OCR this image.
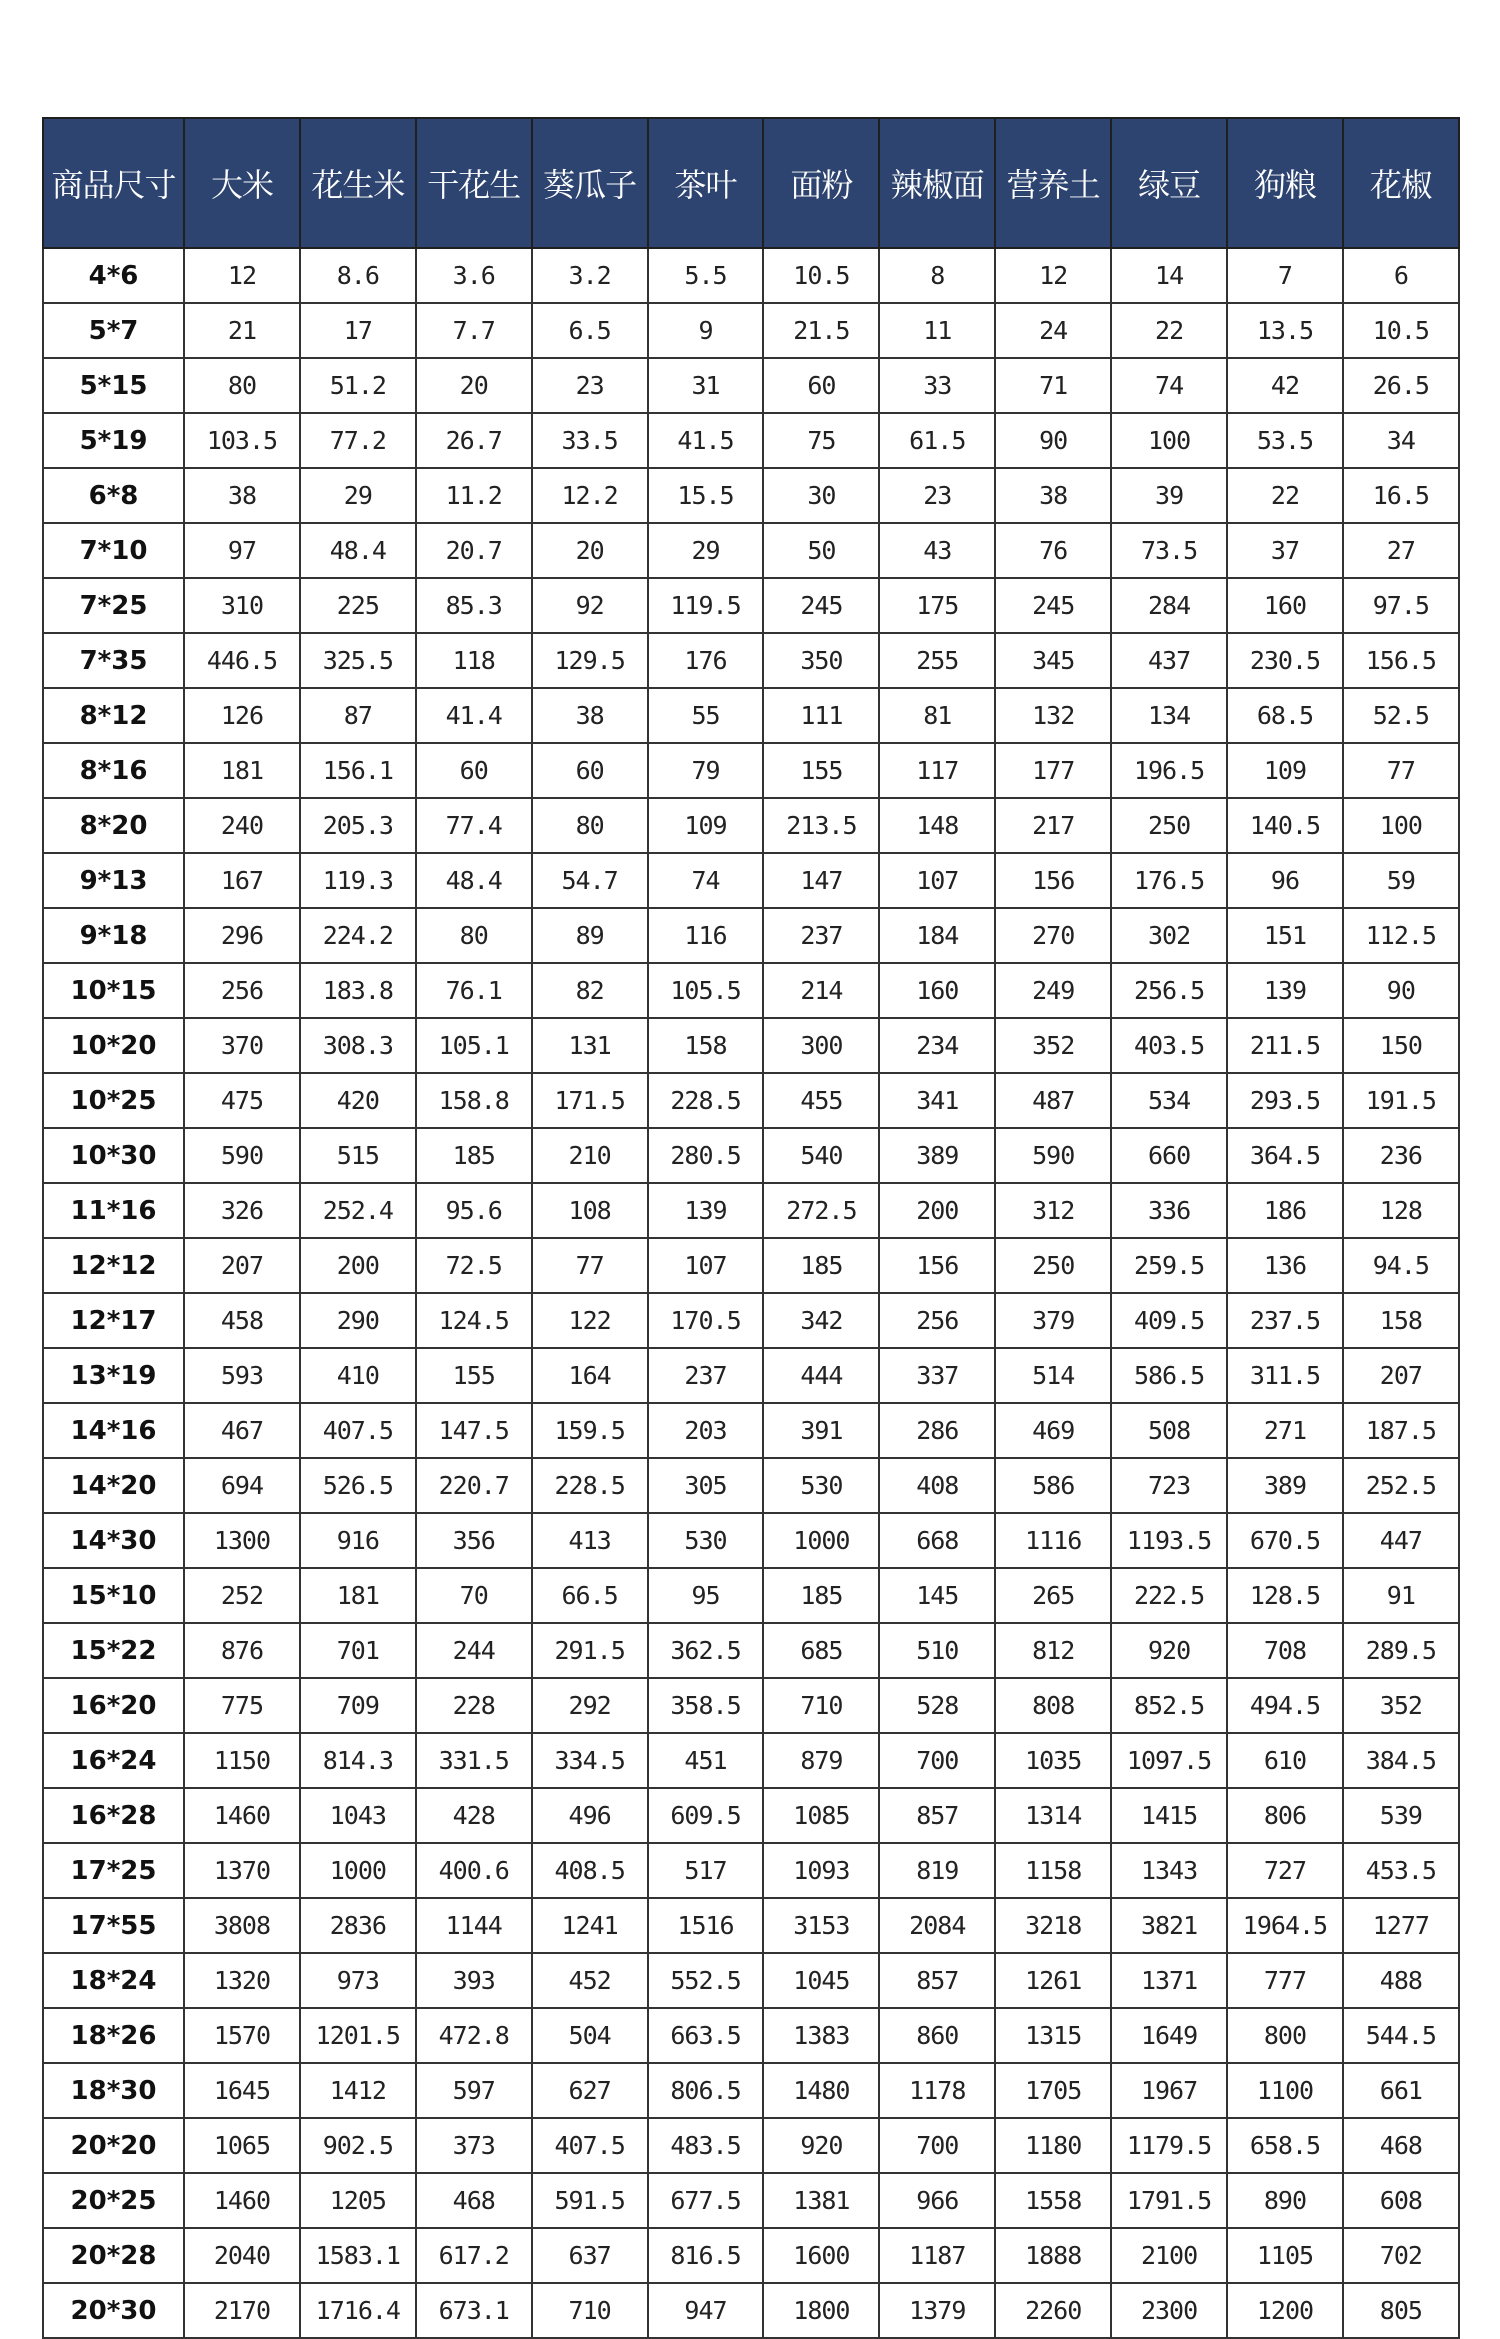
商品尺寸	大米	花生米	干花生	葵瓜子	茶叶	面粉	辣椒面	营养土	绿豆	狗粮	花椒
4*6	12	8.6	3.6	3.2	5.5	10.5	8	12	14	7	6
5*7	21	17	7.7	6.5	9	21.5	11	24	22	13.5	10.5
5*15	80	51.2	20	23	31	60	33	71	74	42	26.5
5*19	103.5	77.2	26.7	33.5	41.5	75	61.5	90	100	53.5	34
6*8	38	29	11.2	12.2	15.5	30	23	38	39	22	16.5
7*10	97	48.4	20.7	20	29	50	43	76	73.5	37	27
7*25	310	225	85.3	92	119.5	245	175	245	284	160	97.5
7*35	446.5	325.5	118	129.5	176	350	255	345	437	230.5	156.5
8*12	126	87	41.4	38	55	111	81	132	134	68.5	52.5
8*16	181	156.1	60	60	79	155	117	177	196.5	109	77
8*20	240	205.3	77.4	80	109	213.5	148	217	250	140.5	100
9*13	167	119.3	48.4	54.7	74	147	107	156	176.5	96	59
9*18	296	224.2	80	89	116	237	184	270	302	151	112.5
10*15	256	183.8	76.1	82	105.5	214	160	249	256.5	139	90
10*20	370	308.3	105.1	131	158	300	234	352	403.5	211.5	150
10*25	475	420	158.8	171.5	228.5	455	341	487	534	293.5	191.5
10*30	590	515	185	210	280.5	540	389	590	660	364.5	236
11*16	326	252.4	95.6	108	139	272.5	200	312	336	186	128
12*12	207	200	72.5	77	107	185	156	250	259.5	136	94.5
12*17	458	290	124.5	122	170.5	342	256	379	409.5	237.5	158
13*19	593	410	155	164	237	444	337	514	586.5	311.5	207
14*16	467	407.5	147.5	159.5	203	391	286	469	508	271	187.5
14*20	694	526.5	220.7	228.5	305	530	408	586	723	389	252.5
14*30	1300	916	356	413	530	1000	668	1116	1193.5	670.5	447
15*10	252	181	70	66.5	95	185	145	265	222.5	128.5	91
15*22	876	701	244	291.5	362.5	685	510	812	920	708	289.5
16*20	775	709	228	292	358.5	710	528	808	852.5	494.5	352
16*24	1150	814.3	331.5	334.5	451	879	700	1035	1097.5	610	384.5
16*28	1460	1043	428	496	609.5	1085	857	1314	1415	806	539
17*25	1370	1000	400.6	408.5	517	1093	819	1158	1343	727	453.5
17*55	3808	2836	1144	1241	1516	3153	2084	3218	3821	1964.5	1277
18*24	1320	973	393	452	552.5	1045	857	1261	1371	777	488
18*26	1570	1201.5	472.8	504	663.5	1383	860	1315	1649	800	544.5
18*30	1645	1412	597	627	806.5	1480	1178	1705	1967	1100	661
20*20	1065	902.5	373	407.5	483.5	920	700	1180	1179.5	658.5	468
20*25	1460	1205	468	591.5	677.5	1381	966	1558	1791.5	890	608
20*28	2040	1583.1	617.2	637	816.5	1600	1187	1888	2100	1105	702
20*30	2170	1716.4	673.1	710	947	1800	1379	2260	2300	1200	805
